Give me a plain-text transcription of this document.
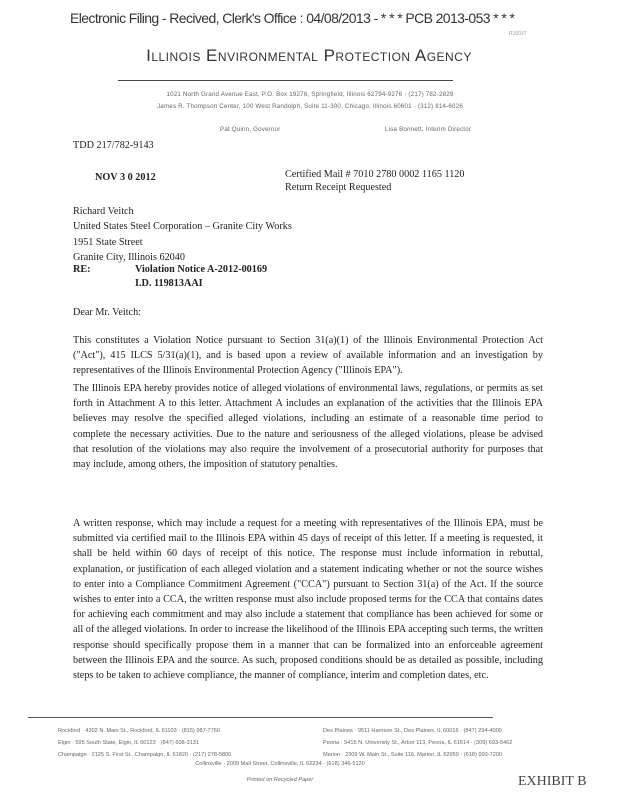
Electronic Filing - Recived, Clerk's Office : 04/08/2013 - * * * PCB 2013-053 * * *
R10037
Illinois Environmental Protection Agency
1021 North Grand Avenue East, P.O. Box 19276, Springfield, Illinois 62794-9276 · (217) 782-2829
James R. Thompson Center, 100 West Randolph, Suite 11-300, Chicago, Illinois 60601 · (312) 814-6026
Pat Quinn, Governor	Lisa Bonnett, Interim Director
TDD 217/782-9143
NOV 3 0 2012	Certified Mail # 7010 2780 0002 1165 1120
Return Receipt Requested
Richard Veitch
United States Steel Corporation – Granite City Works
1951 State Street
Granite City, Illinois 62040
RE:	Violation Notice A-2012-00169
I.D. 119813AAI
Dear Mr. Veitch:
This constitutes a Violation Notice pursuant to Section 31(a)(1) of the Illinois Environmental Protection Act ("Act"), 415 ILCS 5/31(a)(1), and is based upon a review of available information and an investigation by representatives of the Illinois Environmental Protection Agency ("Illinois EPA").
The Illinois EPA hereby provides notice of alleged violations of environmental laws, regulations, or permits as set forth in Attachment A to this letter. Attachment A includes an explanation of the activities that the Illinois EPA believes may resolve the specified alleged violations, including an estimate of a reasonable time period to complete the necessary activities. Due to the nature and seriousness of the alleged violations, please be advised that resolution of the violations may also require the involvement of a prosecutorial authority for purposes that may include, among others, the imposition of statutory penalties.
A written response, which may include a request for a meeting with representatives of the Illinois EPA, must be submitted via certified mail to the Illinois EPA within 45 days of receipt of this letter. If a meeting is requested, it shall be held within 60 days of receipt of this notice. The response must include information in rebuttal, explanation, or justification of each alleged violation and a statement indicating whether or not the source wishes to enter into a Compliance Commitment Agreement ("CCA") pursuant to Section 31(a) of the Act. If the source wishes to enter into a CCA, the written response must also include proposed terms for the CCA that contains dates for achieving each commitment and may also include a statement that compliance has been achieved for some or all of the alleged violations. In order to increase the likelihood of the Illinois EPA accepting such terms, the written response should specifically propose them in a manner that can be formalized into an enforceable agreement between the Illinois EPA and the source. As such, proposed conditions should be as detailed as possible, including steps to be taken to achieve compliance, the manner of compliance, interim and completion dates, etc.
Rockford · 4302 N. Main St., Rockford, IL 61103 · (815) 987-7760
Elgin · 595 South State, Elgin, IL 60123 · (847) 608-3131
Champaign · 2125 S. First St., Champaign, IL 61820 · (217) 278-5800
Des Plaines · 9511 Harrison St., Des Plaines, IL 60016 · (847) 294-4000
Peoria · 5415 N. University St., Arbor 113, Peoria, IL 61614 · (309) 693-5462
Marion · 2309 W. Main St., Suite 116, Marion, IL 62959 · (618) 993-7200
Collinsville · 2009 Mall Street, Collinsville, IL 62234 · (618) 346-5120
Printed on Recycled Paper	EXHIBIT B
